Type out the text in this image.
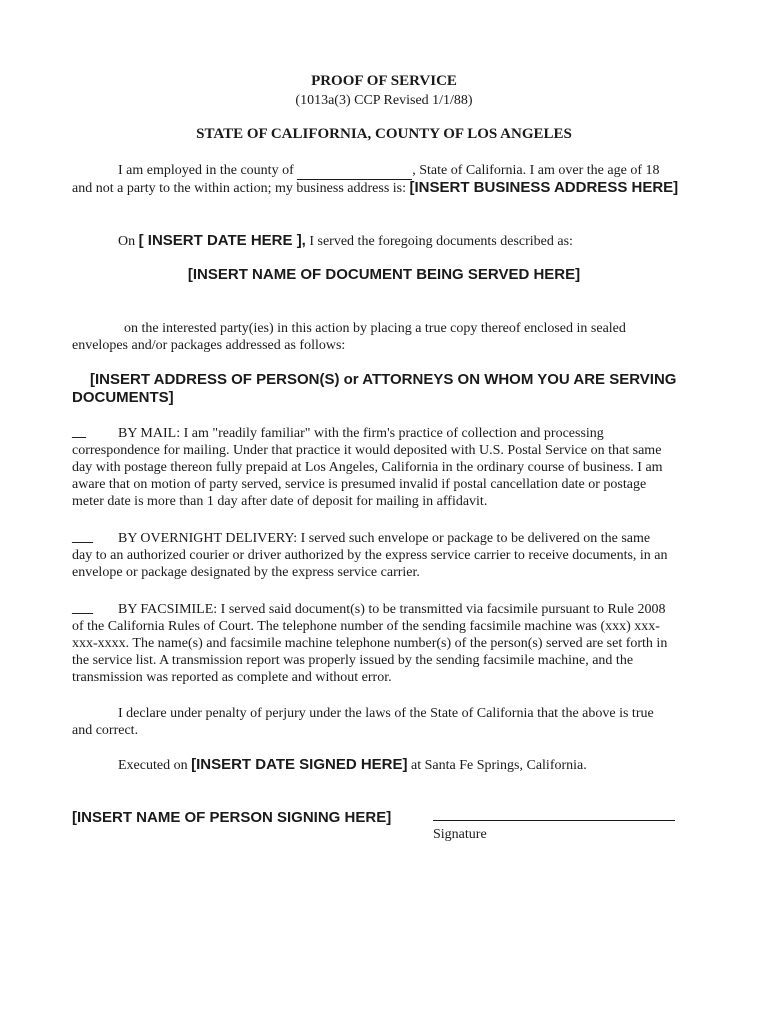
PROOF OF SERVICE
(1013a(3) CCP Revised 1/1/88)
STATE OF CALIFORNIA, COUNTY OF LOS ANGELES
I am employed in the county of	, State of California. I am over the age of 18
and not a party to the within action; my business address is: [INSERT BUSINESS ADDRESS HERE]
On [ INSERT DATE HERE ], I served the foregoing documents described as:
[INSERT NAME OF DOCUMENT BEING SERVED HERE]
on the interested party(ies) in this action by placing a true copy thereof enclosed in sealed
envelopes and/or packages addressed as follows:
[INSERT ADDRESS OF PERSON(S) or ATTORNEYS ON WHOM YOU ARE SERVING
DOCUMENTS]
__ BY MAIL: I am "readily familiar" with the firm's practice of collection and processing
correspondence for mailing. Under that practice it would deposited with U.S. Postal Service on that same
day with postage thereon fully prepaid at Los Angeles, California in the ordinary course of business. I am
aware that on motion of party served, service is presumed invalid if postal cancellation date or postage
meter date is more than 1 day after date of deposit for mailing in affidavit.
___ BY OVERNIGHT DELIVERY: I served such envelope or package to be delivered on the same
day to an authorized courier or driver authorized by the express service carrier to receive documents, in an
envelope or package designated by the express service carrier.
___ BY FACSIMILE: I served said document(s) to be transmitted via facsimile pursuant to Rule 2008
of the California Rules of Court. The telephone number of the sending facsimile machine was (xxx) xxx-
xxx-xxxx. The name(s) and facsimile machine telephone number(s) of the person(s) served are set forth in
the service list. A transmission report was properly issued by the sending facsimile machine, and the
transmission was reported as complete and without error.
I declare under penalty of perjury under the laws of the State of California that the above is true
and correct.
Executed on [INSERT DATE SIGNED HERE] at Santa Fe Springs, California.
[INSERT NAME OF PERSON SIGNING HERE]
Signature
